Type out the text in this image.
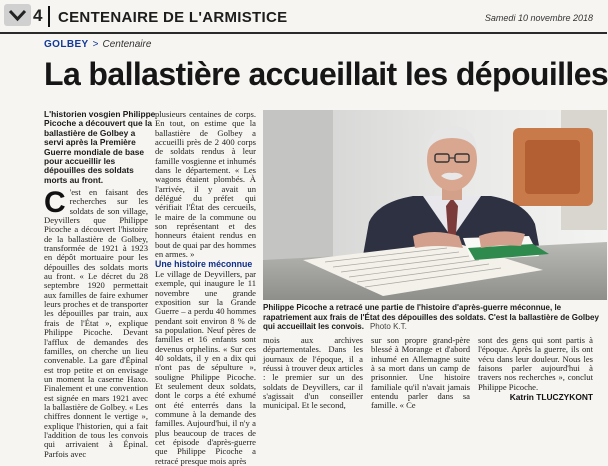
4 CENTENAIRE DE L'ARMISTICE	Samedi 10 novembre 2018
GOLBEY > Centenaire
La ballastière accueillait les dépouilles
L'historien vosgien Philippe Picoche a découvert que la ballastière de Golbey a servi après la Première Guerre mondiale de base pour accueillir les dépouilles des soldats morts au front.
C 'est en faisant des recherches sur les soldats de son village, Deyvillers que Philippe Picoche a découvert l'histoire de la ballastière de Golbey, transformée de 1921 à 1923 en dépôt mortuaire pour les dépouilles des soldats morts au front. « Le décret du 28 septembre 1920 permettait aux familles de faire exhumer leurs proches et de transporter les dépouilles par train, aux frais de l'État », explique Philippe Picoche. Devant l'afflux de demandes des familles, on cherche un lieu convenable. La gare d'Épinal est trop petite et on envisage un moment la caserne Haxo. Finalement et une convention est signée en mars 1921 avec la ballastière de Golbey. « Les chiffres donnent le vertige », explique l'historien, qui a fait l'addition de tous les convois qui arrivaient à Épinal. Parfois avec

plusieurs centaines de corps. En tout, on estime que la ballastière de Golbey a accueilli près de 2 400 corps de soldats rendus à leur famille vosgienne et inhumés dans le département. « Les wagons étaient plombés. À l'arrivée, il y avait un délégué du préfet qui vérifiait l'État des cercueils, le maire de la commune ou son représentant et des honneurs étaient rendus en bout de quai par des hommes en armes. »

Une histoire méconnue

Le village de Deyvillers, par exemple, qui inaugure le 11 novembre une grande exposition sur la Grande Guerre – a perdu 40 hommes pendant soit environ 8 % de sa population. Neuf pères de familles et 16 enfants sont devenus orphelins. « Sur ces 40 soldats, il y en a dix qui n'ont pas de sépulture », souligne Philippe Picoche. Et seulement deux soldats, dont le corps a été exhumé ont été enterrés dans la commune à la demande des familles. Aujourd'hui, il n'y a plus beaucoup de traces de cet épisode d'après-guerre que Philippe Picoche a retracé presque mois après

Philippe Picoche a retracé une partie de l'histoire d'après-guerre méconnue, le rapatriement aux frais de l'État des dépouilles des soldats. C'est la ballastière de Golbey qui accueillait les convois. Photo K.T.
mois aux archives départementales. Dans les journaux de l'époque, il a réussi à trouver deux articles : le premier sur un des soldats de Deyvillers, car il s'agissait d'un conseiller municipal. Et le second,
sur son propre grand-père blessé à Morange et d'abord inhumé en Allemagne suite à sa mort dans un camp de prisonnier. Une histoire familiale qu'il n'avait jamais entendu parler dans sa famille. « Ce
sont des gens qui sont partis à l'époque. Après la guerre, ils ont vécu dans leur douleur. Nous les faisons parler aujourd'hui à travers nos recherches », conclut Philippe Picoche.
Katrin TLUCZYKONT
